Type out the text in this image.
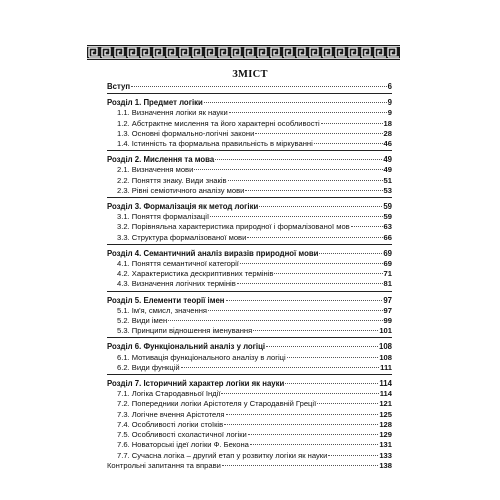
ЗМІСТ
Вступ	6
Розділ 1. Предмет логіки	9
1.1. Визначення логіки як науки	9
1.2. Абстрактне мислення та його характерні особливості	18
1.3. Основні формально-логічні закони	28
1.4. Істинність та формальна правильність в міркуванні	46
Розділ 2. Мислення та мова	49
2.1. Визначення мови	49
2.2. Поняття знаку. Види знаків	51
2.3. Рівні семіотичного аналізу мови	53
Розділ 3. Формалізація як метод логіки	59
3.1. Поняття формалізації	59
3.2. Порівняльна характеристика природної і формалізованої мов	63
3.3. Структура формалізованої мови	66
Розділ 4. Семантичний аналіз виразів природної мови	69
4.1. Поняття семантичної категорії	69
4.2. Характеристика дескриптивних термінів	71
4.3. Визначення логічних термінів	81
Розділ 5. Елементи теорії імен	97
5.1. Ім'я, смисл, значення	97
5.2. Види імен	99
5.3. Принципи відношення іменування	101
Розділ 6. Функціональний аналіз у логіці	108
6.1. Мотивація функціонального аналізу в логіці	108
6.2. Види функцій	111
Розділ 7. Історичний характер логіки як науки	114
7.1. Логіка Стародавньої Індії	114
7.2. Попередники логіки Арістотеля у Стародавній Греції	121
7.3. Логічне вчення Арістотеля	125
7.4. Особливості логіки стоїків	128
7.5. Особливості схоластичної логіки	129
7.6. Новаторські ідеї логіки Ф. Бекона	131
7.7. Сучасна логіка – другий етап у розвитку логіки як науки	133
Контрольні запитання та вправи	138
